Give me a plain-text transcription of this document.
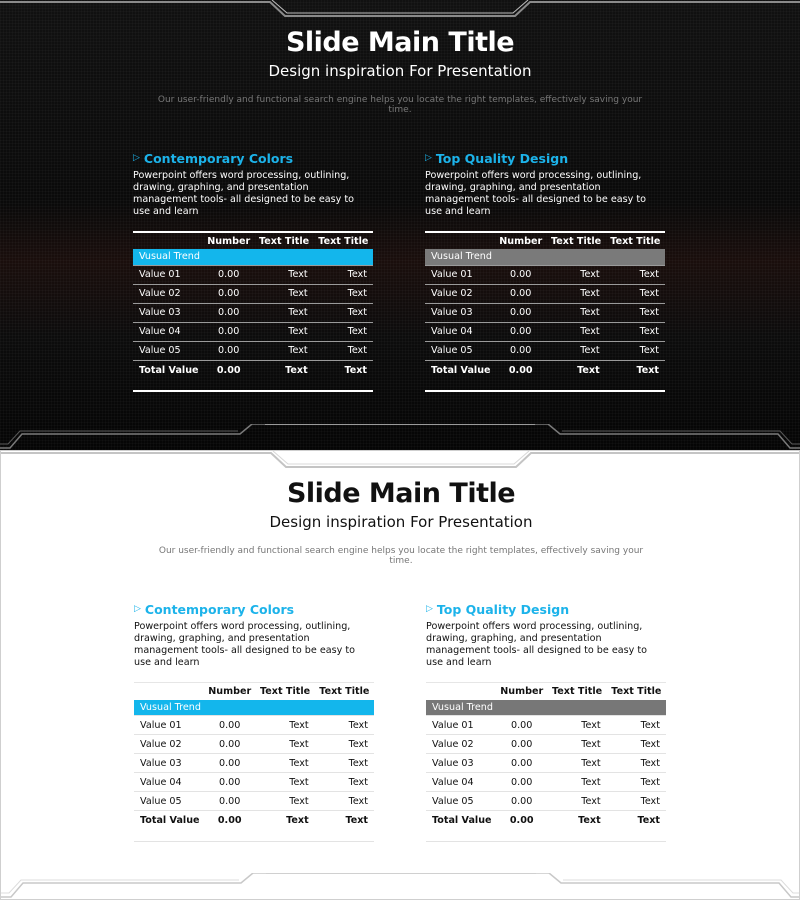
Slide Main Title
Design inspiration For Presentation

Our user-friendly and functional search engine helps you locate the right templates, effectively saving your time.

▷ Contemporary Colors

Powerpoint offers word processing, outlining, drawing, graphing, and presentation management tools- all designed to be easy to use and learn

	Number	Text Title	Text Title
Vusual Trend			
Value 01	0.00	Text	Text
Value 02	0.00	Text	Text
Value 03	0.00	Text	Text
Value 04	0.00	Text	Text
Value 05	0.00	Text	Text
Total Value	0.00	Text	Text
▷ Top Quality Design

Powerpoint offers word processing, outlining, drawing, graphing, and presentation management tools- all designed to be easy to use and learn

	Number	Text Title	Text Title
Vusual Trend			
Value 01	0.00	Text	Text
Value 02	0.00	Text	Text
Value 03	0.00	Text	Text
Value 04	0.00	Text	Text
Value 05	0.00	Text	Text
Total Value	0.00	Text	Text
Slide Main Title
Design inspiration For Presentation

Our user-friendly and functional search engine helps you locate the right templates, effectively saving your time.

▷ Contemporary Colors

Powerpoint offers word processing, outlining, drawing, graphing, and presentation management tools- all designed to be easy to use and learn

	Number	Text Title	Text Title
Vusual Trend			
Value 01	0.00	Text	Text
Value 02	0.00	Text	Text
Value 03	0.00	Text	Text
Value 04	0.00	Text	Text
Value 05	0.00	Text	Text
Total Value	0.00	Text	Text
▷ Top Quality Design

Powerpoint offers word processing, outlining, drawing, graphing, and presentation management tools- all designed to be easy to use and learn

	Number	Text Title	Text Title
Vusual Trend			
Value 01	0.00	Text	Text
Value 02	0.00	Text	Text
Value 03	0.00	Text	Text
Value 04	0.00	Text	Text
Value 05	0.00	Text	Text
Total Value	0.00	Text	Text
